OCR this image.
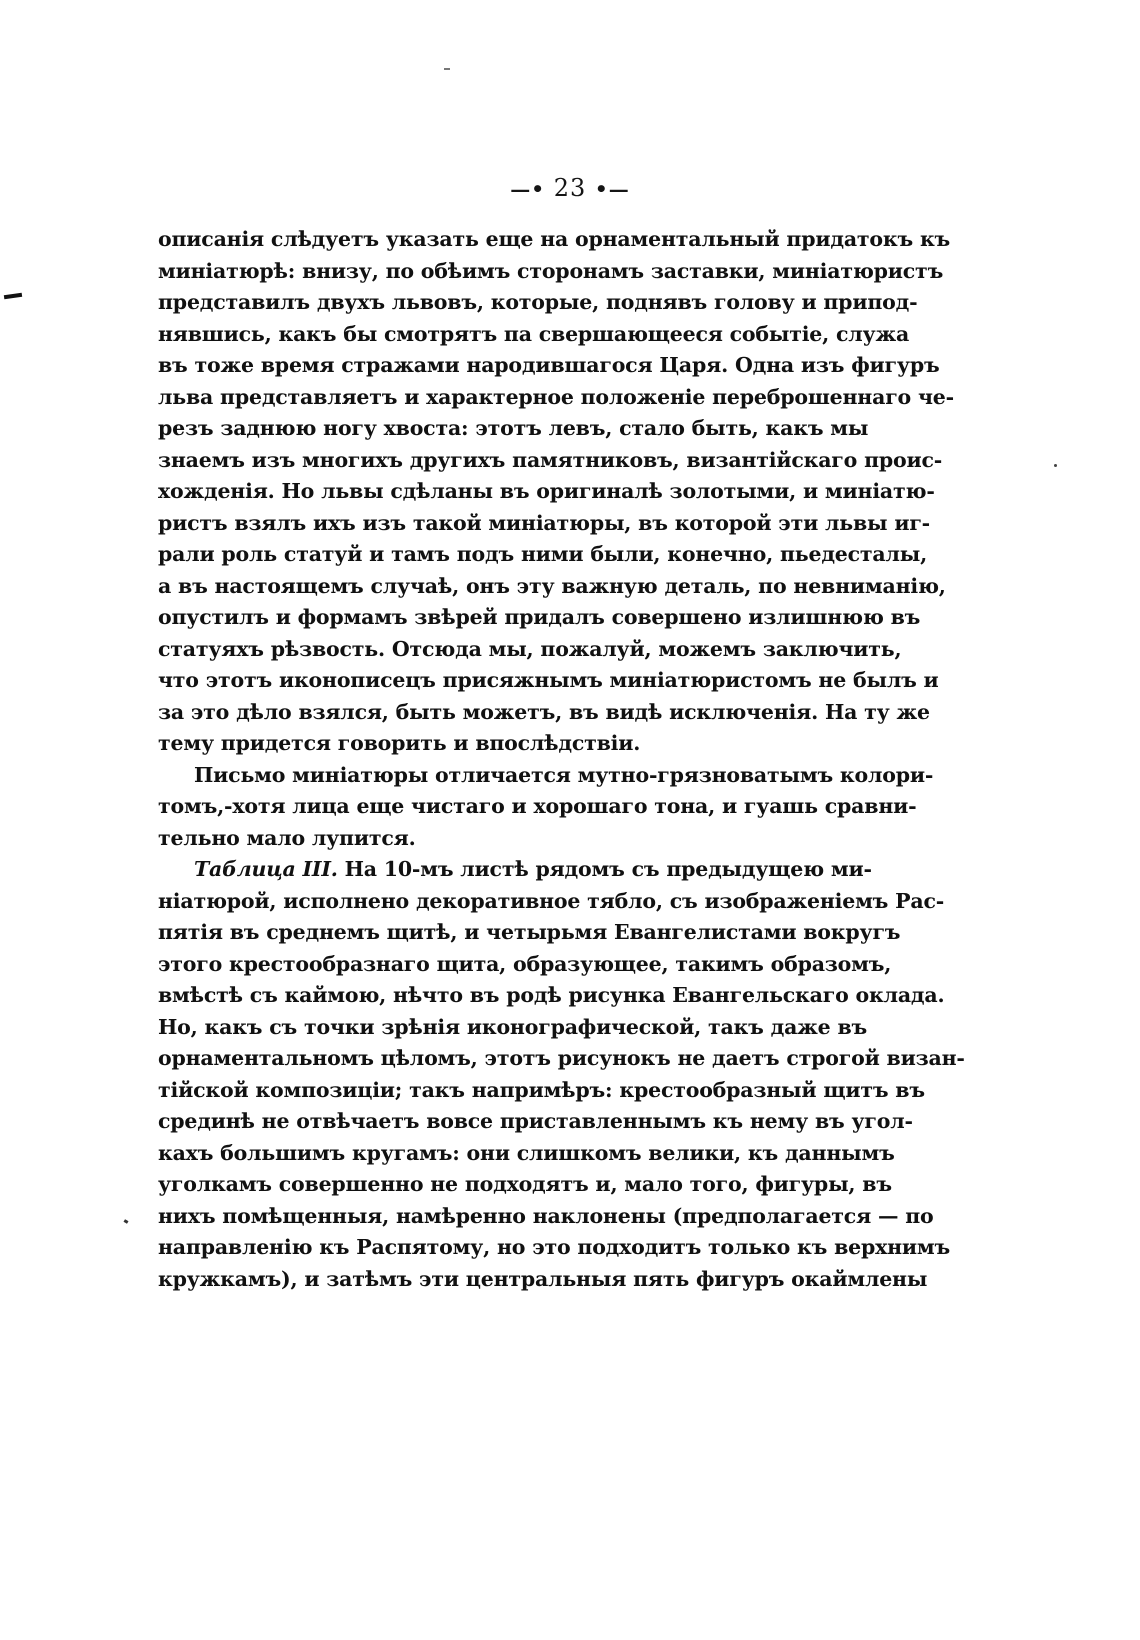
—• 23 •—
описанія слѣдуетъ указать еще на орнаментальный придатокъ къ
миніатюрѣ: внизу, по обѣимъ сторонамъ заставки, миніатюристъ
представилъ двухъ львовъ, которые, поднявъ голову и припод-
нявшись, какъ бы смотрятъ па свершающееся событіе, служа
въ тоже время стражами народившагося Царя. Одна изъ фигуръ
льва представляетъ и характерное положеніе переброшеннаго че-
резъ заднюю ногу хвоста: этотъ левъ, стало быть, какъ мы
знаемъ изъ многихъ другихъ памятниковъ, византійскаго проис-
хожденія. Но львы сдѣланы въ оригиналѣ золотыми, и миніатю-
ристъ взялъ ихъ изъ такой миніатюры, въ которой эти львы иг-
рали роль статуй и тамъ подъ ними были, конечно, пьедесталы,
а въ настоящемъ случаѣ, онъ эту важную деталь, по невниманію,
опустилъ и формамъ звѣрей придалъ совершено излишнюю въ
статуяхъ рѣзвость. Отсюда мы, пожалуй, можемъ заключить,
что этотъ иконописецъ присяжнымъ миніатюристомъ не былъ и
за это дѣло взялся, быть можетъ, въ видѣ исключенія. На ту же
тему придется говорить и впослѣдствіи.
Письмо миніатюры отличается мутно-грязноватымъ колори-
томъ,-хотя лица еще чистаго и хорошаго тона, и гуашь сравни-
тельно мало лупится.
Таблица III. На 10-мъ листѣ рядомъ съ предыдущею ми-
ніатюрой, исполнено декоративное тябло, съ изображеніемъ Рас-
пятія въ среднемъ щитѣ, и четырьмя Евангелистами вокругъ
этого крестообразнаго щита, образующее, такимъ образомъ,
вмѣстѣ съ каймою, нѣчто въ родѣ рисунка Евангельскаго оклада.
Но, какъ съ точки зрѣнія иконографической, такъ даже въ
орнаментальномъ цѣломъ, этотъ рисунокъ не даетъ строгой визан-
тійской композиціи; такъ напримѣръ: крестообразный щитъ въ
срединѣ не отвѣчаетъ вовсе приставленнымъ къ нему въ угол-
кахъ большимъ кругамъ: они слишкомъ велики, къ даннымъ
уголкамъ совершенно не подходятъ и, мало того, фигуры, въ
нихъ помѣщенныя, намѣренно наклонены (предполагается — по
направленію къ Распятому, но это подходитъ только къ верхнимъ
кружкамъ), и затѣмъ эти центральныя пять фигуръ окаймлены
